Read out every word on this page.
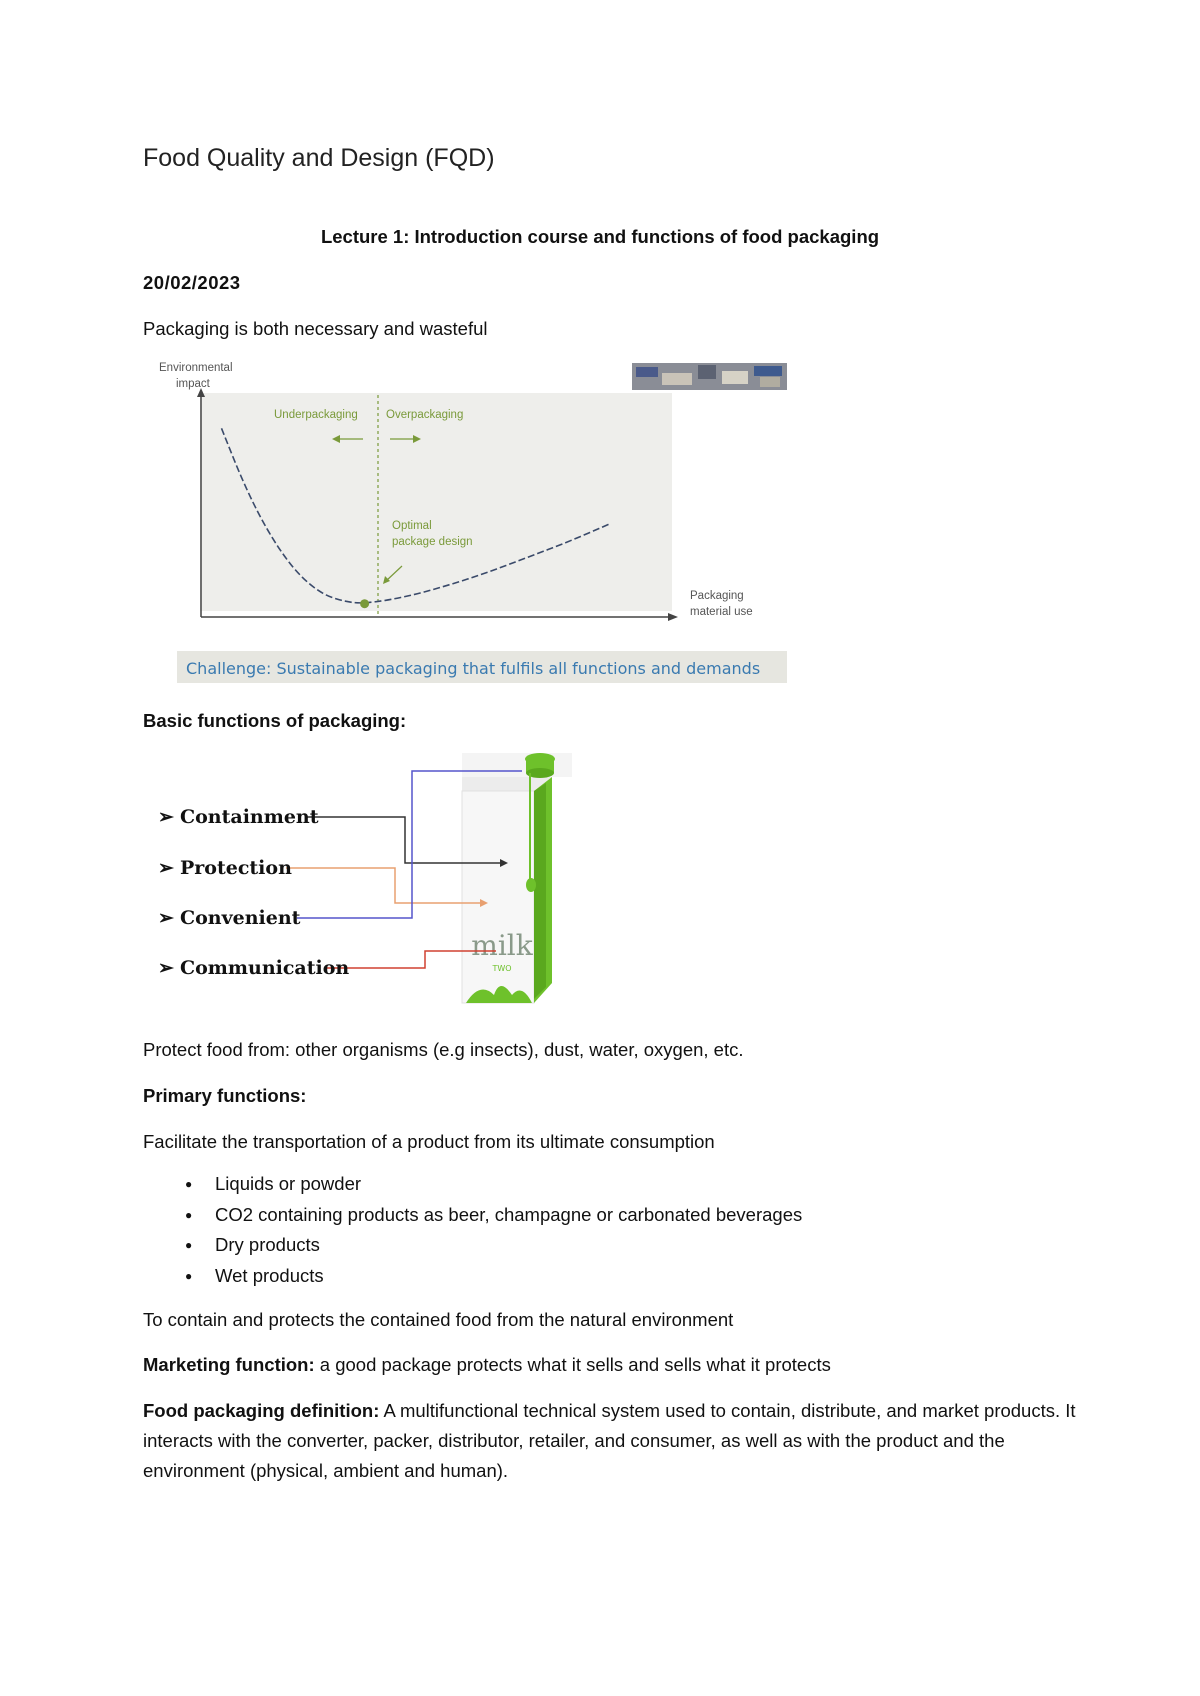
Food Quality and Design (FQD)
Lecture 1: Introduction course and functions of food packaging
20/02/2023
Packaging is both necessary and wasteful
Environmental impact
Packaging material use
Underpackaging Overpackaging
Optimal package design
Challenge: Sustainable packaging that fulfils all functions and demands
Basic functions of packaging:
milk
TWO
➢ Containment
➢ Protection
➢ Convenient
➢ Communication
Protect food from: other organisms (e.g insects), dust, water, oxygen, etc.
Primary functions:
Facilitate the transportation of a product from its ultimate consumption
● Liquids or powder
● CO2 containing products as beer, champagne or carbonated beverages
● Dry products
● Wet products
To contain and protects the contained food from the natural environment
Marketing function: a good package protects what it sells and sells what it protects
Food packaging definition: A multifunctional technical system used to contain, distribute, and market products. It interacts with the converter, packer, distributor, retailer, and consumer, as well as with the product and the environment (physical, ambient and human).
